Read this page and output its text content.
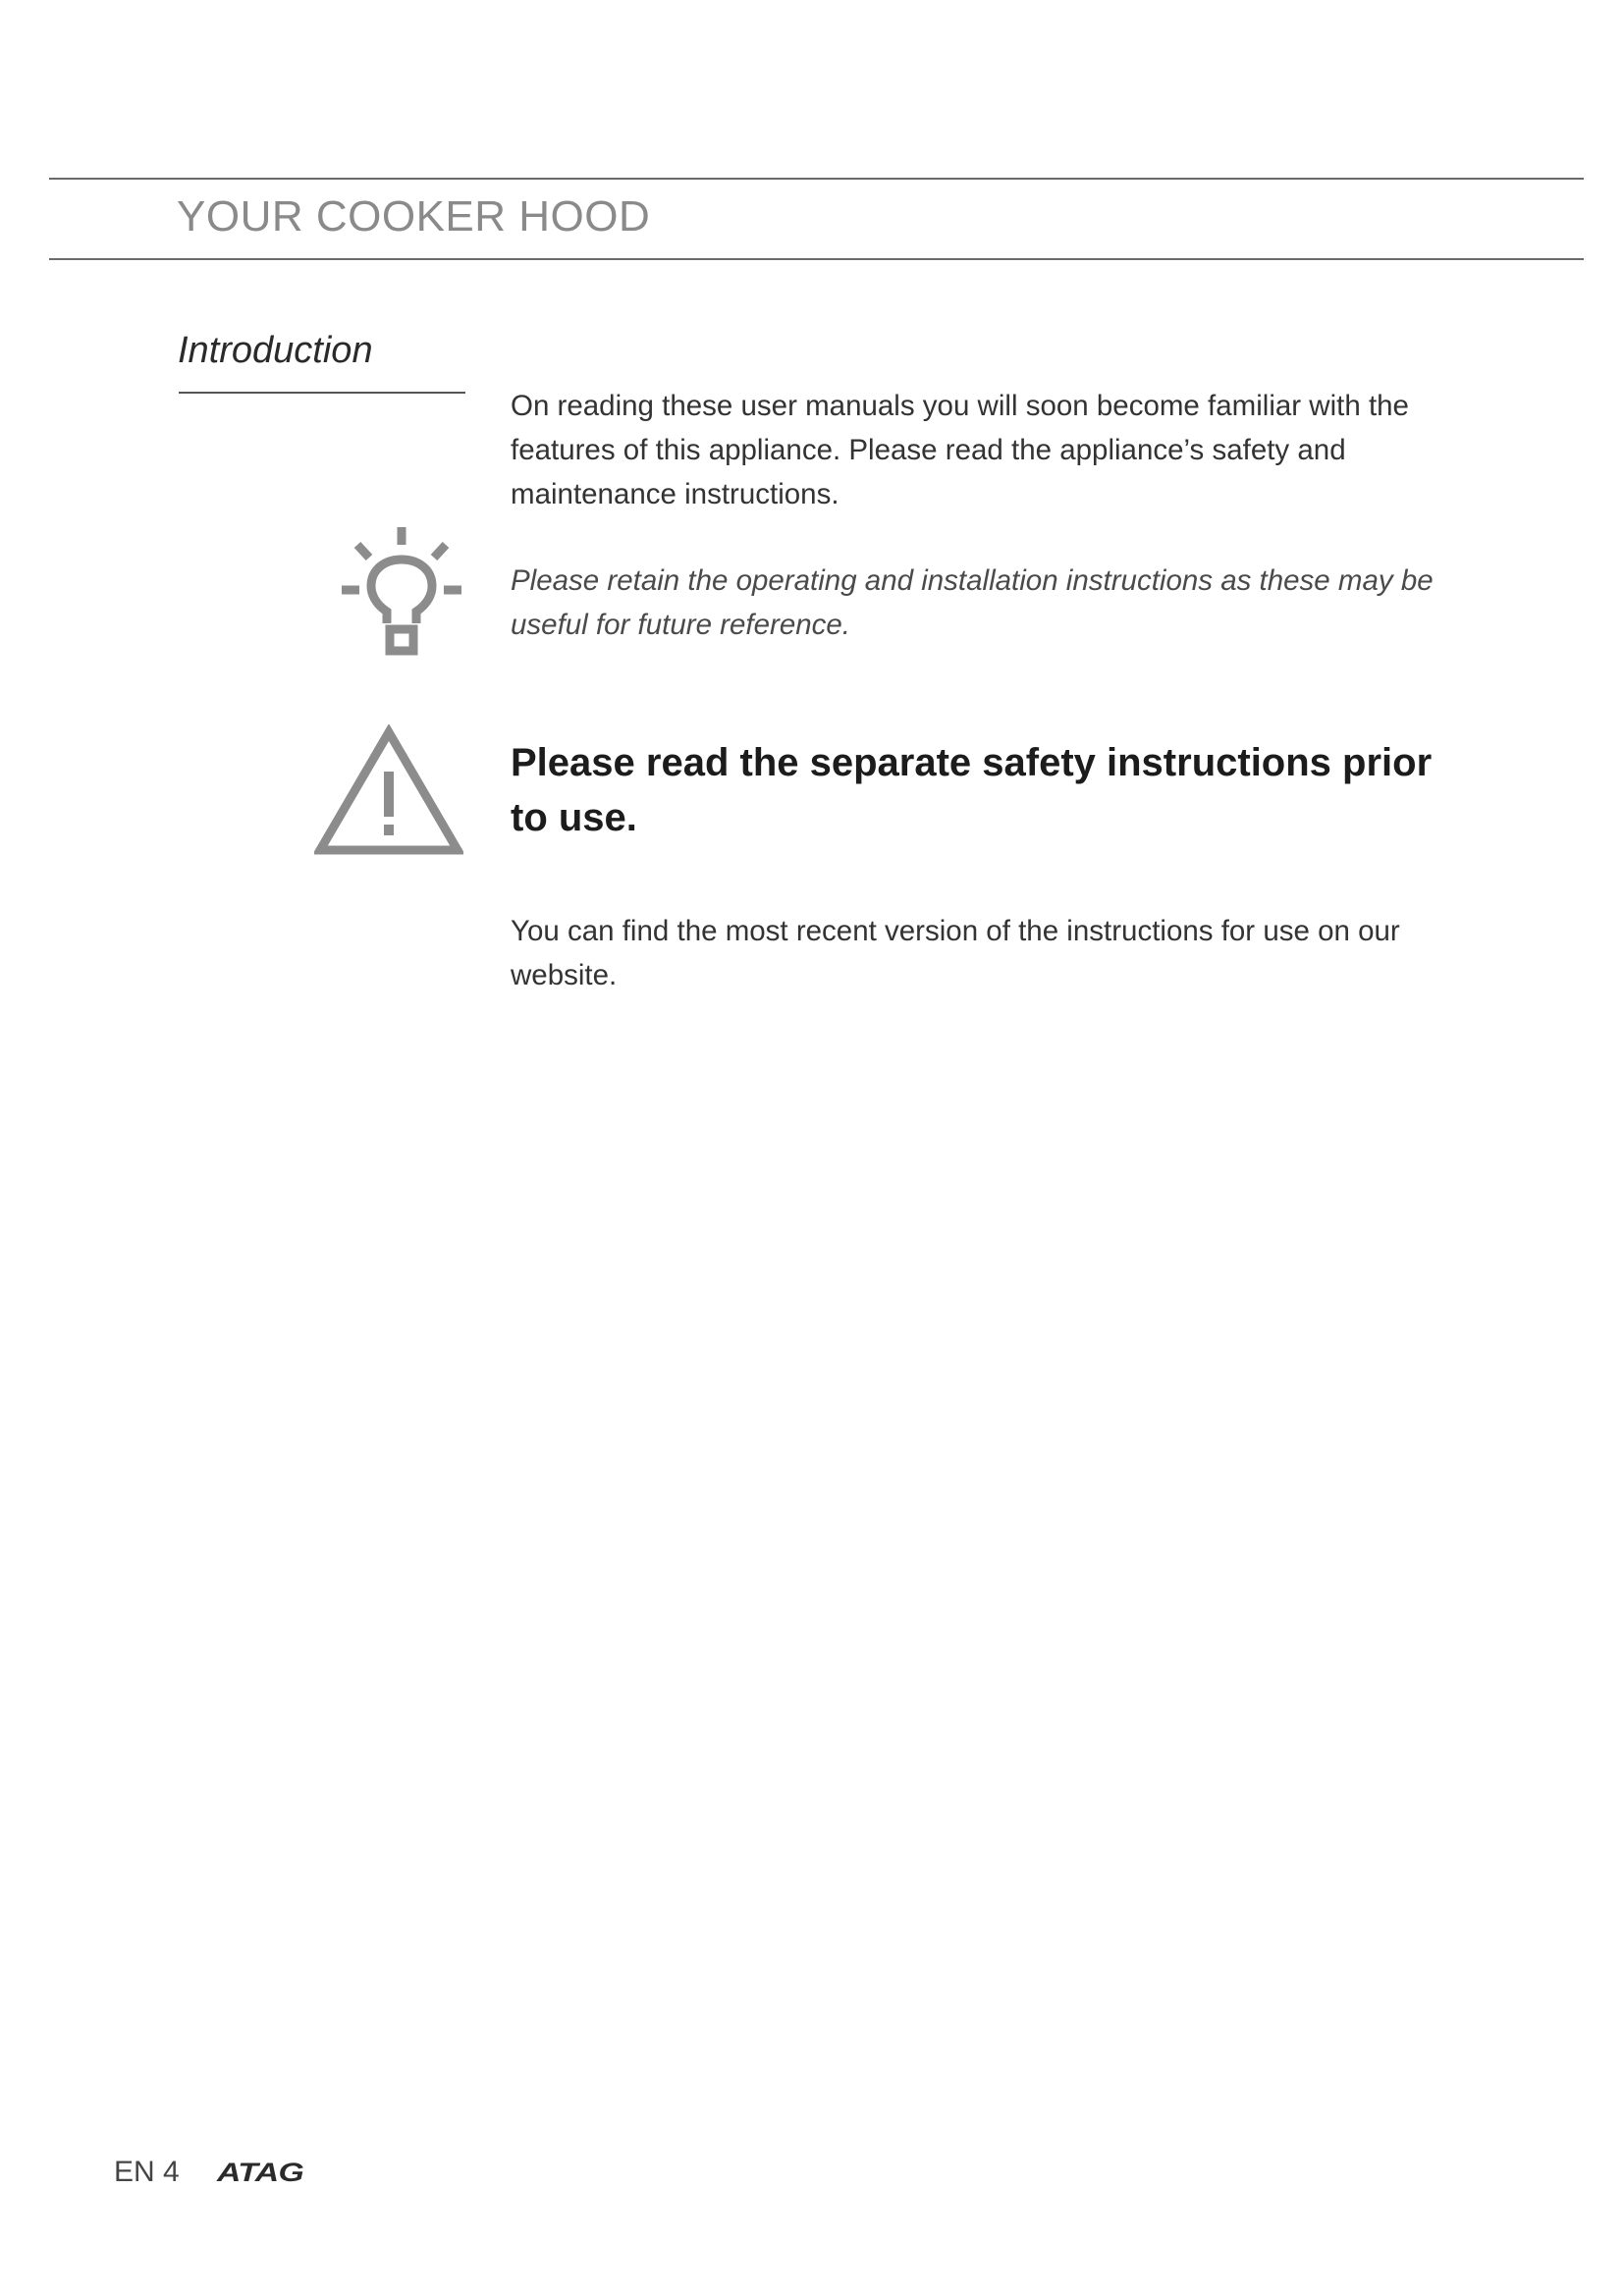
YOUR COOKER HOOD
Introduction

On reading these user manuals you will soon become familiar with the features of this appliance. Please read the appliance’s safety and maintenance instructions.

Please retain the operating and installation instructions as these may be useful for future reference.

Please read the separate safety instructions prior to use.

You can find the most recent version of the instructions for use on our website.

EN 4 ATAG
